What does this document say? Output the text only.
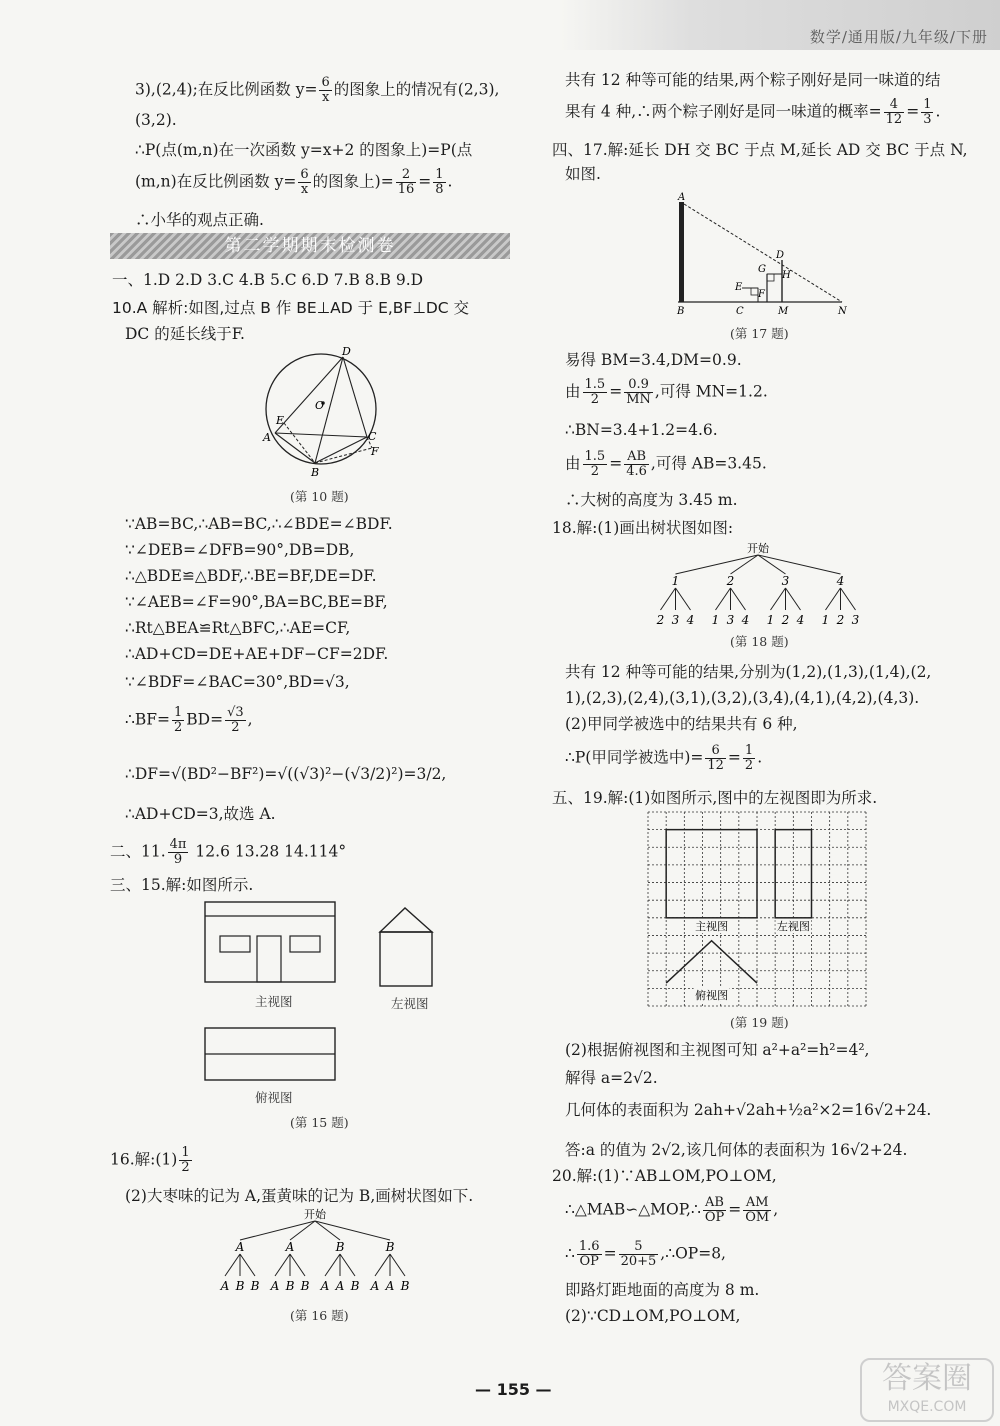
数学/通用版/九年级/下册
3),(2,4);在反比例函数 $y= \frac{6}{x}$ 的图象上的情况有(2,3),
(3,2).
∴P(点(m,n)在一次函数 y=x+2 的图象上)=P(点
(m,n)在反比例函数 $y= \frac{6}{x}$ 的图象上)= $\frac{2}{16} = \frac{1}{8}$ .
∴小华的观点正确.
第二学期期末检测卷
一、1.D 2.D 3.C 4.B 5.C 6.D 7.B 8.B 9.D
10.A 解析:如图,过点 B 作 BE⊥AD 于 E,BF⊥DC 交
DC 的延长线于F.
D
O
E
A	C
F
B
(第 10 题)
∵AB=BC,∴AB=BC,∴∠BDE=∠BDF.
∵∠DEB=∠DFB=90°,DB=DB,
∴△BDE≌△BDF,∴BE=BF,DE=DF.
∵∠AEB=∠F=90°,BA=BC,BE=BF,
∴Rt△BEA≌Rt△BFC,∴AE=CF,
∴AD+CD=DE+AE+DF−CF=2DF.
∵∠BDF=∠BAC=30°,BD=√3,
∴BF= $\frac{1}{2} BD= \frac{√3}{2}$ ,
∴DF=√(BD²−BF²)=√((√3)²−(√3/2)²)=3/2,
∴AD+CD=3,故选 A.
二、11. $\frac{4\pi}{9} 12.6$ 13.28 14.114°
三、15.解:如图所示.
主视图	左视图
俯视图
(第 15 题)
16.解:(1) $\frac{1}{2}$
(2)大枣味的记为 A,蛋黄味的记为 B,画树状图如下.
开始
A
A B B
A
A B B
B
A A B
B
A A B
(第 16 题)
共有 12 种等可能的结果,两个粽子刚好是同一味道的结
果有 4 种,∴两个粽子刚好是同一味道的概率= $\frac{4}{12} = \frac{1}{3}$ .
四、17.解:延长 DH 交 BC 于点 M,延长 AD 交 BC 于点 N,
如图.
A
D
G
H
E
F
B	C	M	N
(第 17 题)
易得 BM=3.4,DM=0.9.
由 $\frac{1.5}{2} = \frac{0.9}{MN}$ ,可得 MN=1.2.
∴BN=3.4+1.2=4.6.
由 $\frac{1.5}{2} = \frac{AB}{4.6}$ ,可得 AB=3.45.
∴大树的高度为 3.45 m.
18.解:(1)画出树状图如图:
开始
1
2 3 4
2
1 3 4
3
1 2 4
4
1 2 3
(第 18 题)
共有 12 种等可能的结果,分别为(1,2),(1,3),(1,4),(2,
1),(2,3),(2,4),(3,1),(3,2),(3,4),(4,1),(4,2),(4,3).
(2)甲同学被选中的结果共有 6 种,
∴P(甲同学被选中)= $\frac{6}{12} = \frac{1}{2}$ .
五、19.解:(1)如图所示,图中的左视图即为所求.
主视图	左视图
俯视图
(第 19 题)
(2)根据俯视图和主视图可知 a²+a²=h²=4²,
解得 a=2√2.
几何体的表面积为 2ah+√2ah+½a²×2=16√2+24.
答:a 的值为 2√2,该几何体的表面积为 16√2+24.
20.解:(1)∵AB⊥OM,PO⊥OM,
∴△MAB∽△MOP,∴ $\frac{AB}{OP} = \frac{AM}{OM}$ ,
∴ $\frac{1.6}{OP} = \frac{5}{20+5}$ ,∴OP=8,
即路灯距地面的高度为 8 m.
(2)∵CD⊥OM,PO⊥OM,
— 155 —	答案圈
MXQE.COM
